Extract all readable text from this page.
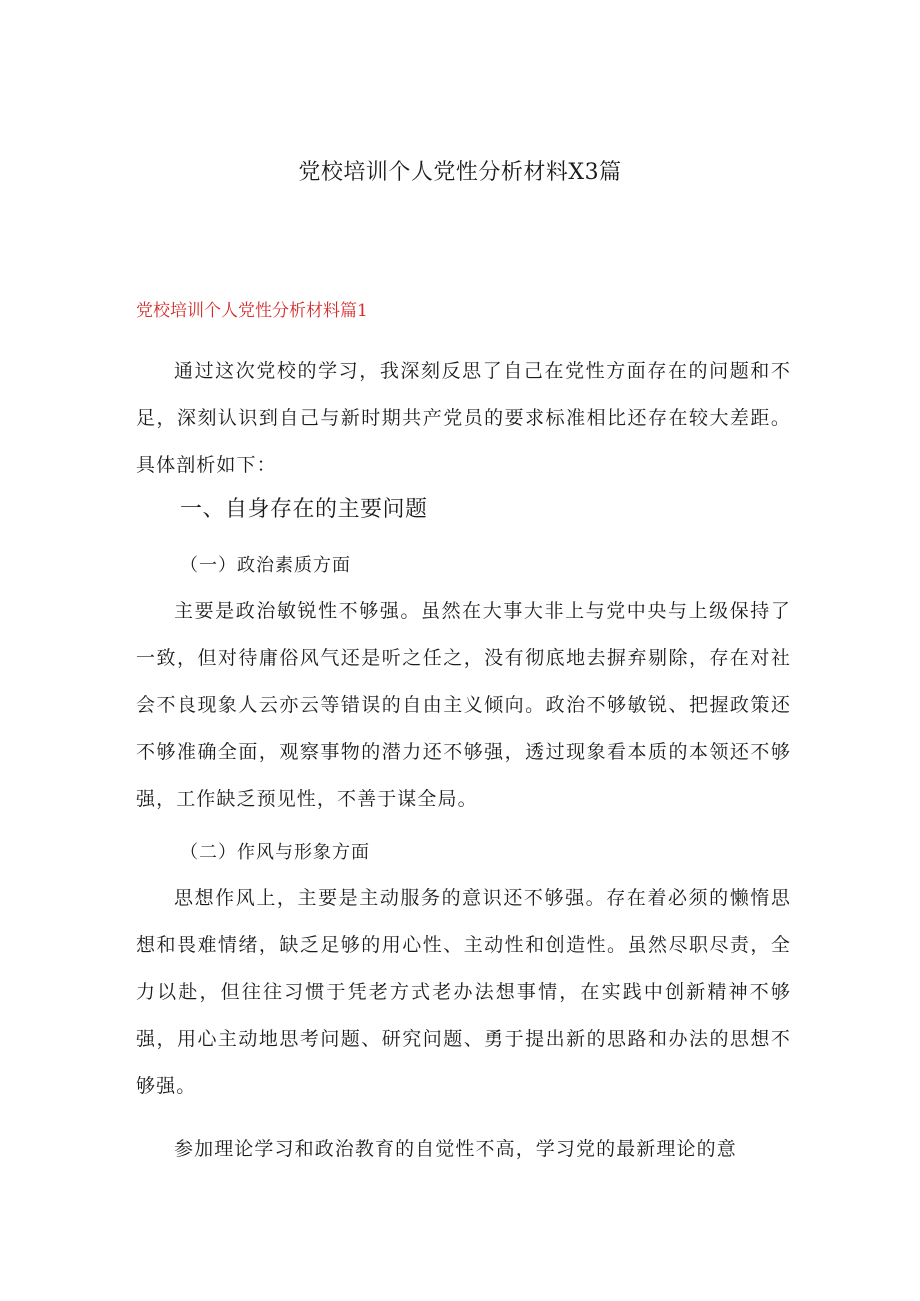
党校培训个人党性分析材料X3篇
党校培训个人党性分析材料篇1

通过这次党校的学习，我深刻反思了自己在党性方面存在的问题和不足，深刻认识到自己与新时期共产党员的要求标准相比还存在较大差距。具体剖析如下：

一、自身存在的主要问题
（一）政治素质方面

主要是政治敏锐性不够强。虽然在大事大非上与党中央与上级保持了一致，但对待庸俗风气还是听之任之，没有彻底地去摒弃剔除，存在对社会不良现象人云亦云等错误的自由主义倾向。政治不够敏锐、把握政策还不够准确全面，观察事物的潜力还不够强，透过现象看本质的本领还不够强，工作缺乏预见性，不善于谋全局。

（二）作风与形象方面

思想作风上，主要是主动服务的意识还不够强。存在着必须的懒惰思想和畏难情绪，缺乏足够的用心性、主动性和创造性。虽然尽职尽责，全力以赴，但往往习惯于凭老方式老办法想事情，在实践中创新精神不够强，用心主动地思考问题、研究问题、勇于提出新的思路和办法的思想不够强。

参加理论学习和政治教育的自觉性不高，学习党的最新理论的意
